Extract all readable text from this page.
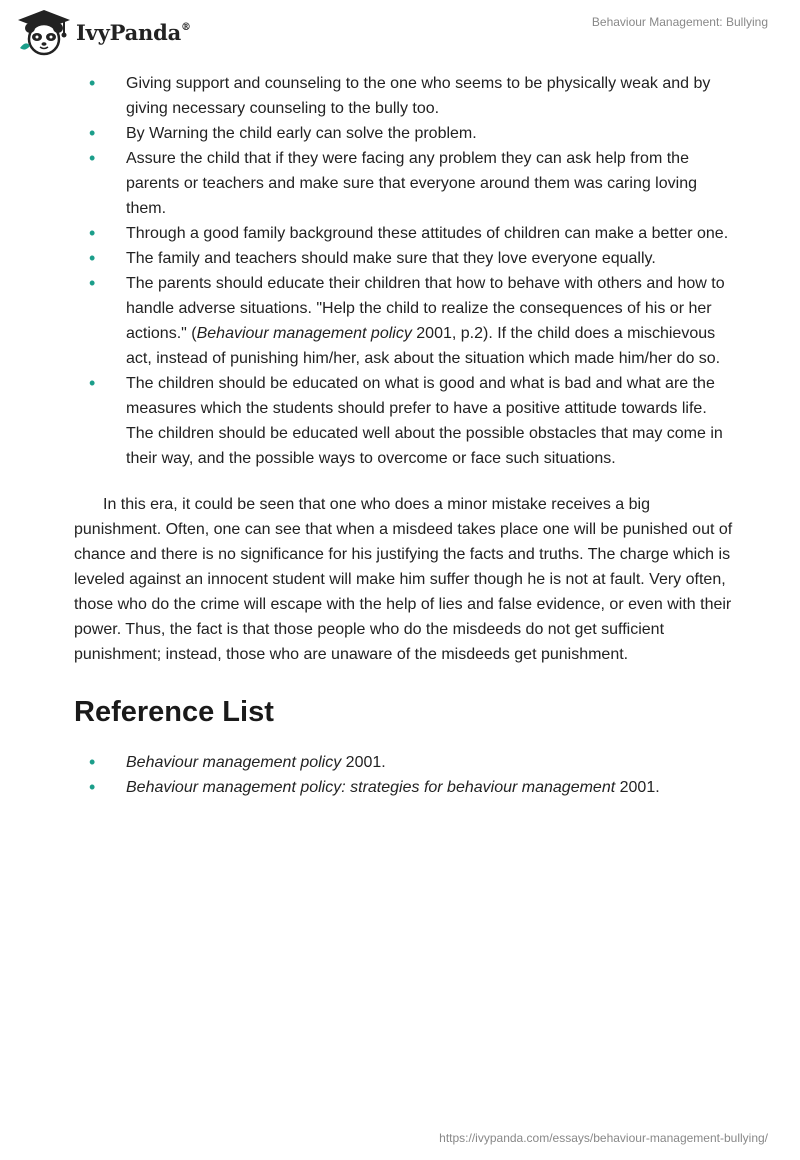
IvyPanda®	Behaviour Management: Bullying
• Giving support and counseling to the one who seems to be physically weak and by giving necessary counseling to the bully too.
• By Warning the child early can solve the problem.
• Assure the child that if they were facing any problem they can ask help from the parents or teachers and make sure that everyone around them was caring loving them.
• Through a good family background these attitudes of children can make a better one.
• The family and teachers should make sure that they love everyone equally.
• The parents should educate their children that how to behave with others and how to handle adverse situations. "Help the child to realize the consequences of his or her actions." (Behaviour management policy 2001, p.2). If the child does a mischievous act, instead of punishing him/her, ask about the situation which made him/her do so.
• The children should be educated on what is good and what is bad and what are the measures which the students should prefer to have a positive attitude towards life. The children should be educated well about the possible obstacles that may come in their way, and the possible ways to overcome or face such situations.

In this era, it could be seen that one who does a minor mistake receives a big punishment. Often, one can see that when a misdeed takes place one will be punished out of chance and there is no significance for his justifying the facts and truths. The charge which is leveled against an innocent student will make him suffer though he is not at fault. Very often, those who do the crime will escape with the help of lies and false evidence, or even with their power. Thus, the fact is that those people who do the misdeeds do not get sufficient punishment; instead, those who are unaware of the misdeeds get punishment.

Reference List
• Behaviour management policy 2001.
• Behaviour management policy: strategies for behaviour management 2001.
https://ivypanda.com/essays/behaviour-management-bullying/
